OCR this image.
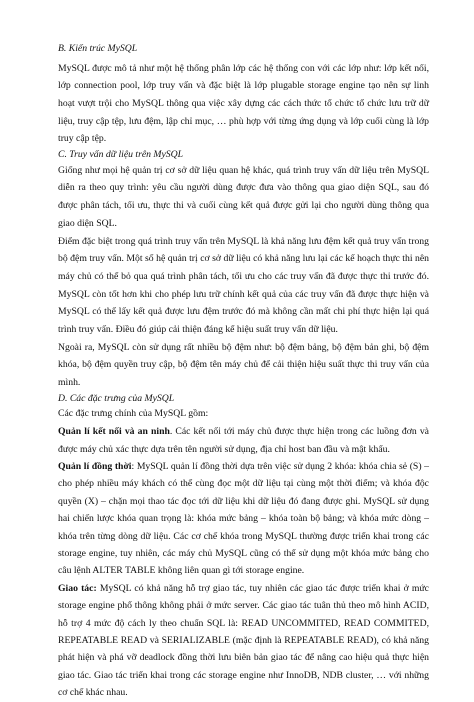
B. Kiến trúc MySQL

MySQL được mô tả như một hệ thống phân lớp các hệ thống con với các lớp như: lớp kết nối, lớp connection pool, lớp truy vấn và đặc biệt là lớp plugable storage engine tạo nên sự linh hoạt vượt trội cho MySQL thông qua việc xây dựng các cách thức tổ chức tổ chức lưu trữ dữ liệu, truy cập tệp, lưu đệm, lập chỉ mục, … phù hợp với từng ứng dụng và lớp cuối cùng là lớp truy cập tệp.

C. Truy vấn dữ liệu trên MySQL

Giống như mọi hệ quản trị cơ sở dữ liệu quan hệ khác, quá trình truy vấn dữ liệu trên MySQL diễn ra theo quy trình: yêu cầu người dùng được đưa vào thông qua giao diện SQL, sau đó được phân tách, tối ưu, thực thi và cuối cùng kết quả được gửi lại cho người dùng thông qua giao diện SQL.

Điểm đặc biệt trong quá trình truy vấn trên MySQL là khả năng lưu đệm kết quả truy vấn trong bộ đệm truy vấn. Một số hệ quản trị cơ sở dữ liệu có khả năng lưu lại các kế hoạch thực thi nên máy chủ có thể bỏ qua quá trình phân tách, tối ưu cho các truy vấn đã được thực thi trước đó. MySQL còn tốt hơn khi cho phép lưu trữ chính kết quả của các truy vấn đã được thực hiện và MySQL có thể lấy kết quả được lưu đệm trước đó mà không cần mất chi phí thực hiện lại quá trình truy vấn. Điều đó giúp cải thiện đáng kể hiệu suất truy vấn dữ liệu.

Ngoài ra, MySQL còn sử dụng rất nhiều bộ đệm như: bộ đệm bảng, bộ đệm bản ghi, bộ đệm khóa, bộ đệm quyền truy cập, bộ đệm tên máy chủ để cải thiện hiệu suất thực thi truy vấn của mình.

D. Các đặc trưng của MySQL

Các đặc trưng chính của MySQL gồm:

Quản lí kết nối và an ninh. Các kết nối tới máy chủ được thực hiện trong các luồng đơn và được máy chủ xác thực dựa trên tên người sử dụng, địa chỉ host ban đầu và mật khẩu.

Quản lí đồng thời: MySQL quản lí đồng thời dựa trên việc sử dụng 2 khóa: khóa chia sẻ (S) – cho phép nhiều máy khách có thể cùng đọc một dữ liệu tại cùng một thời điểm; và khóa độc quyền (X) – chặn mọi thao tác đọc tới dữ liệu khi dữ liệu đó đang được ghi. MySQL sử dụng hai chiến lược khóa quan trọng là: khóa mức bảng – khóa toàn bộ bảng; và khóa mức dòng – khóa trên từng dòng dữ liệu. Các cơ chế khóa trong MySQL thường được triển khai trong các storage engine, tuy nhiên, các máy chủ MySQL cũng có thể sử dụng một khóa mức bảng cho câu lệnh ALTER TABLE không liên quan gì tới storage engine.

Giao tác: MySQL có khả năng hỗ trợ giao tác, tuy nhiên các giao tác được triển khai ở mức storage engine phổ thông không phải ở mức server. Các giao tác tuân thủ theo mô hình ACID, hỗ trợ 4 mức độ cách ly theo chuẩn SQL là: READ UNCOMMITED, READ COMMITED, REPEATABLE READ và SERIALIZABLE (mặc định là REPEATABLE READ), có khả năng phát hiện và phá vỡ deadlock đồng thời lưu biên bản giao tác để nâng cao hiệu quả thực hiện giao tác. Giao tác triển khai trong các storage engine như InnoDB, NDB cluster, … với những cơ chế khác nhau.
